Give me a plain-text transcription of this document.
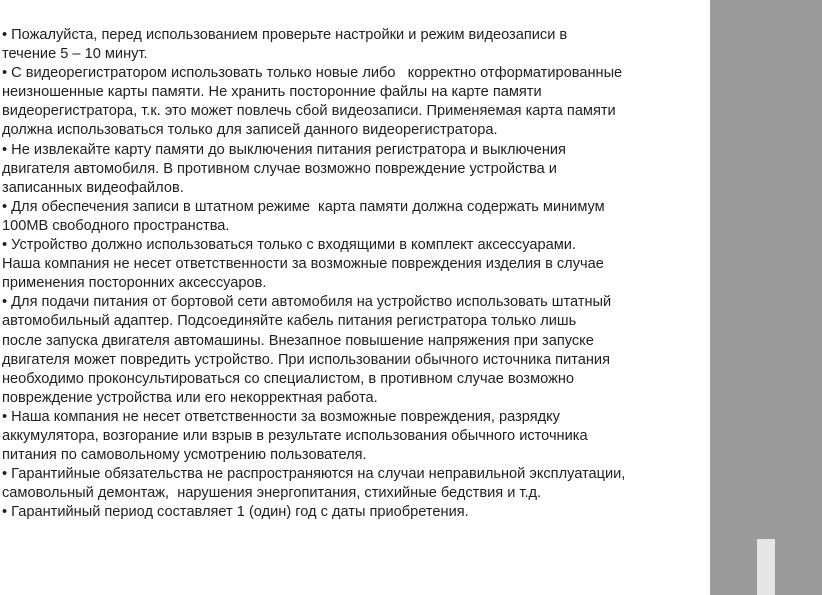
• Пожалуйста, перед использованием проверьте настройки и режим видеозаписи в
течение 5 – 10 минут.
• С видеорегистратором использовать только новые либо   корректно отформатированные
неизношенные карты памяти. Не хранить посторонние файлы на карте памяти
видеорегистратора, т.к. это может повлечь сбой видеозаписи. Применяемая карта памяти
должна использоваться только для записей данного видеорегистратора.
• Не извлекайте карту памяти до выключения питания регистратора и выключения
двигателя автомобиля. В противном случае возможно повреждение устройства и
записанных видеофайлов.
• Для обеспечения записи в штатном режиме  карта памяти должна содержать минимум
100MB свободного пространства.
• Устройство должно использоваться только с входящими в комплект аксессуарами.
Наша компания не несет ответственности за возможные повреждения изделия в случае
применения посторонних аксессуаров.
• Для подачи питания от бортовой сети автомобиля на устройство использовать штатный
автомобильный адаптер. Подсоединяйте кабель питания регистратора только лишь
после запуска двигателя автомашины. Внезапное повышение напряжения при запуске
двигателя может повредить устройство. При использовании обычного источника питания
необходимо проконсультироваться со специалистом, в противном случае возможно
повреждение устройства или его некорректная работа.
• Наша компания не несет ответственности за возможные повреждения, разрядку
аккумулятора, возгорание или взрыв в результате использования обычного источника
питания по самовольному усмотрению пользователя.
• Гарантийные обязательства не распространяются на случаи неправильной эксплуатации,
самовольный демонтаж,  нарушения энергопитания, стихийные бедствия и т.д.
• Гарантийный период составляет 1 (один) год с даты приобретения.
